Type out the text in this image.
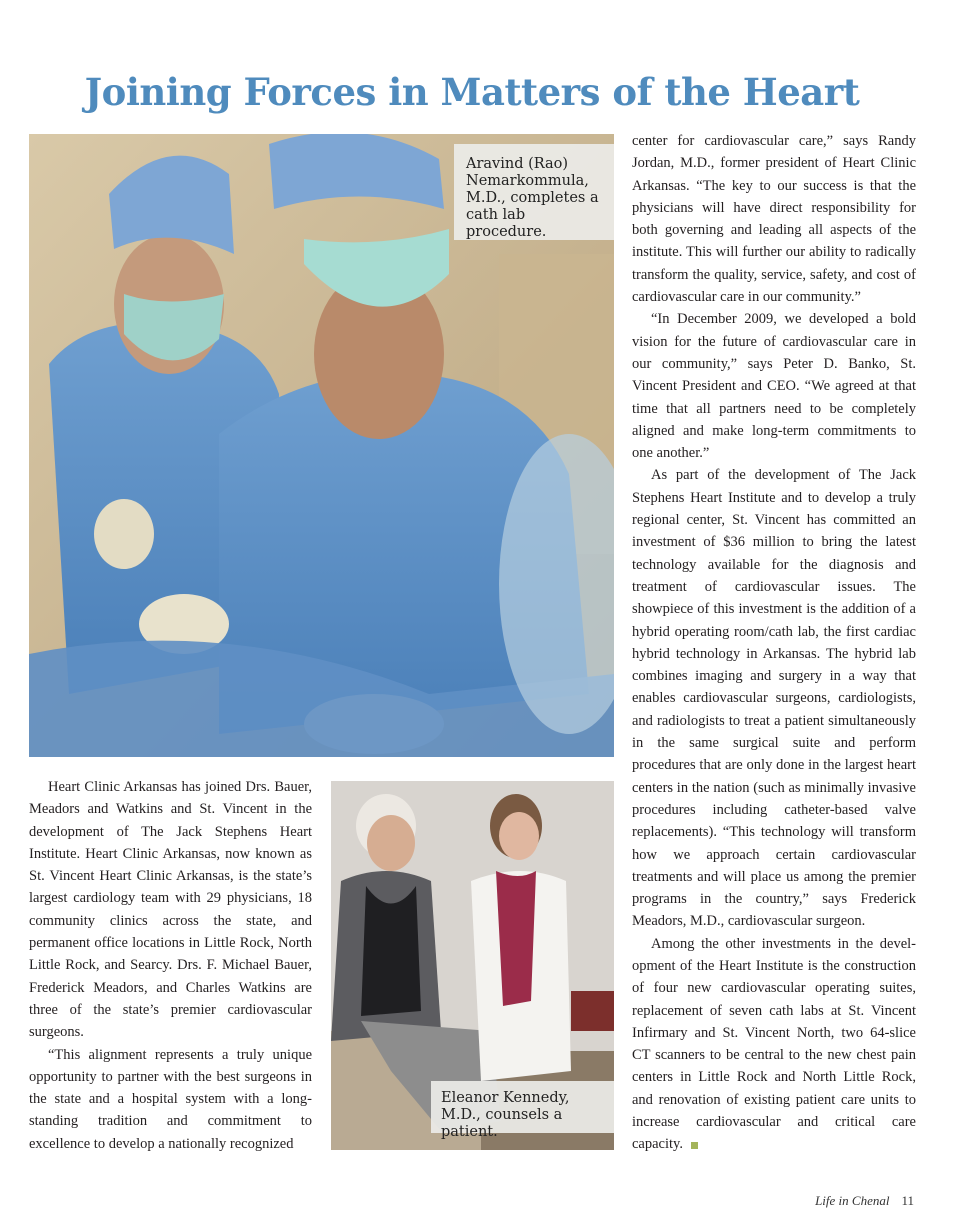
Joining Forces in Matters of the Heart
Aravind (Rao) Nemarkommula, M.D., completes a cath lab procedure.
Eleanor Kennedy, M.D., counsels a patient.

Heart Clinic Arkansas has joined Drs. Bauer, Meadors and Watkins and St. Vincent in the development of The Jack Stephens Heart Institute. Heart Clinic Arkansas, now known as St. Vincent Heart Clinic Arkansas, is the state’s largest cardiology team with 29 physicians, 18 community clinics across the state, and permanent office locations in Little Rock, North Little Rock, and Searcy. Drs. F. Michael Bauer, Frederick Meadors, and Charles Watkins are three of the state’s premier cardiovascular surgeons.

“This alignment represents a truly unique opportunity to partner with the best surgeons in the state and a hospital system with a long-standing tradition and commitment to excellence to develop a nationally recognized

center for cardiovascular care,” says Randy Jordan, M.D., former president of Heart Clinic Arkansas. “The key to our success is that the physicians will have direct responsibility for both governing and leading all aspects of the institute. This will further our ability to radically transform the quality, service, safety, and cost of cardiovascular care in our community.”

“In December 2009, we developed a bold vision for the future of cardiovascular care in our community,” says Peter D. Banko, St. Vincent President and CEO. “We agreed at that time that all partners need to be completely aligned and make long-term commitments to one another.”

As part of the development of The Jack Stephens Heart Institute and to develop a truly regional center, St. Vincent has committed an investment of $36 million to bring the latest technology available for the diagnosis and treatment of cardiovascular issues. The showpiece of this investment is the addition of a hybrid operating room/cath lab, the first cardiac hybrid technology in Arkansas. The hybrid lab combines imaging and surgery in a way that enables cardiovascular surgeons, cardiologists, and radiologists to treat a patient simultaneously in the same surgical suite and perform procedures that are only done in the largest heart centers in the nation (such as minimally invasive procedures including catheter-based valve replacements). “This technology will transform how we approach certain cardiovascular treatments and will place us among the premier programs in the country,” says Frederick Meadors, M.D., cardiovascular surgeon.

Among the other investments in the development of the Heart Institute is the construction of four new cardiovascular operating suites, replacement of seven cath labs at St. Vincent Infirmary and St. Vincent North, two 64-slice CT scanners to be central to the new chest pain centers in Little Rock and North Little Rock, and renovation of existing patient care units to increase cardiovascular and critical care capacity.

Life in Chenal 11
